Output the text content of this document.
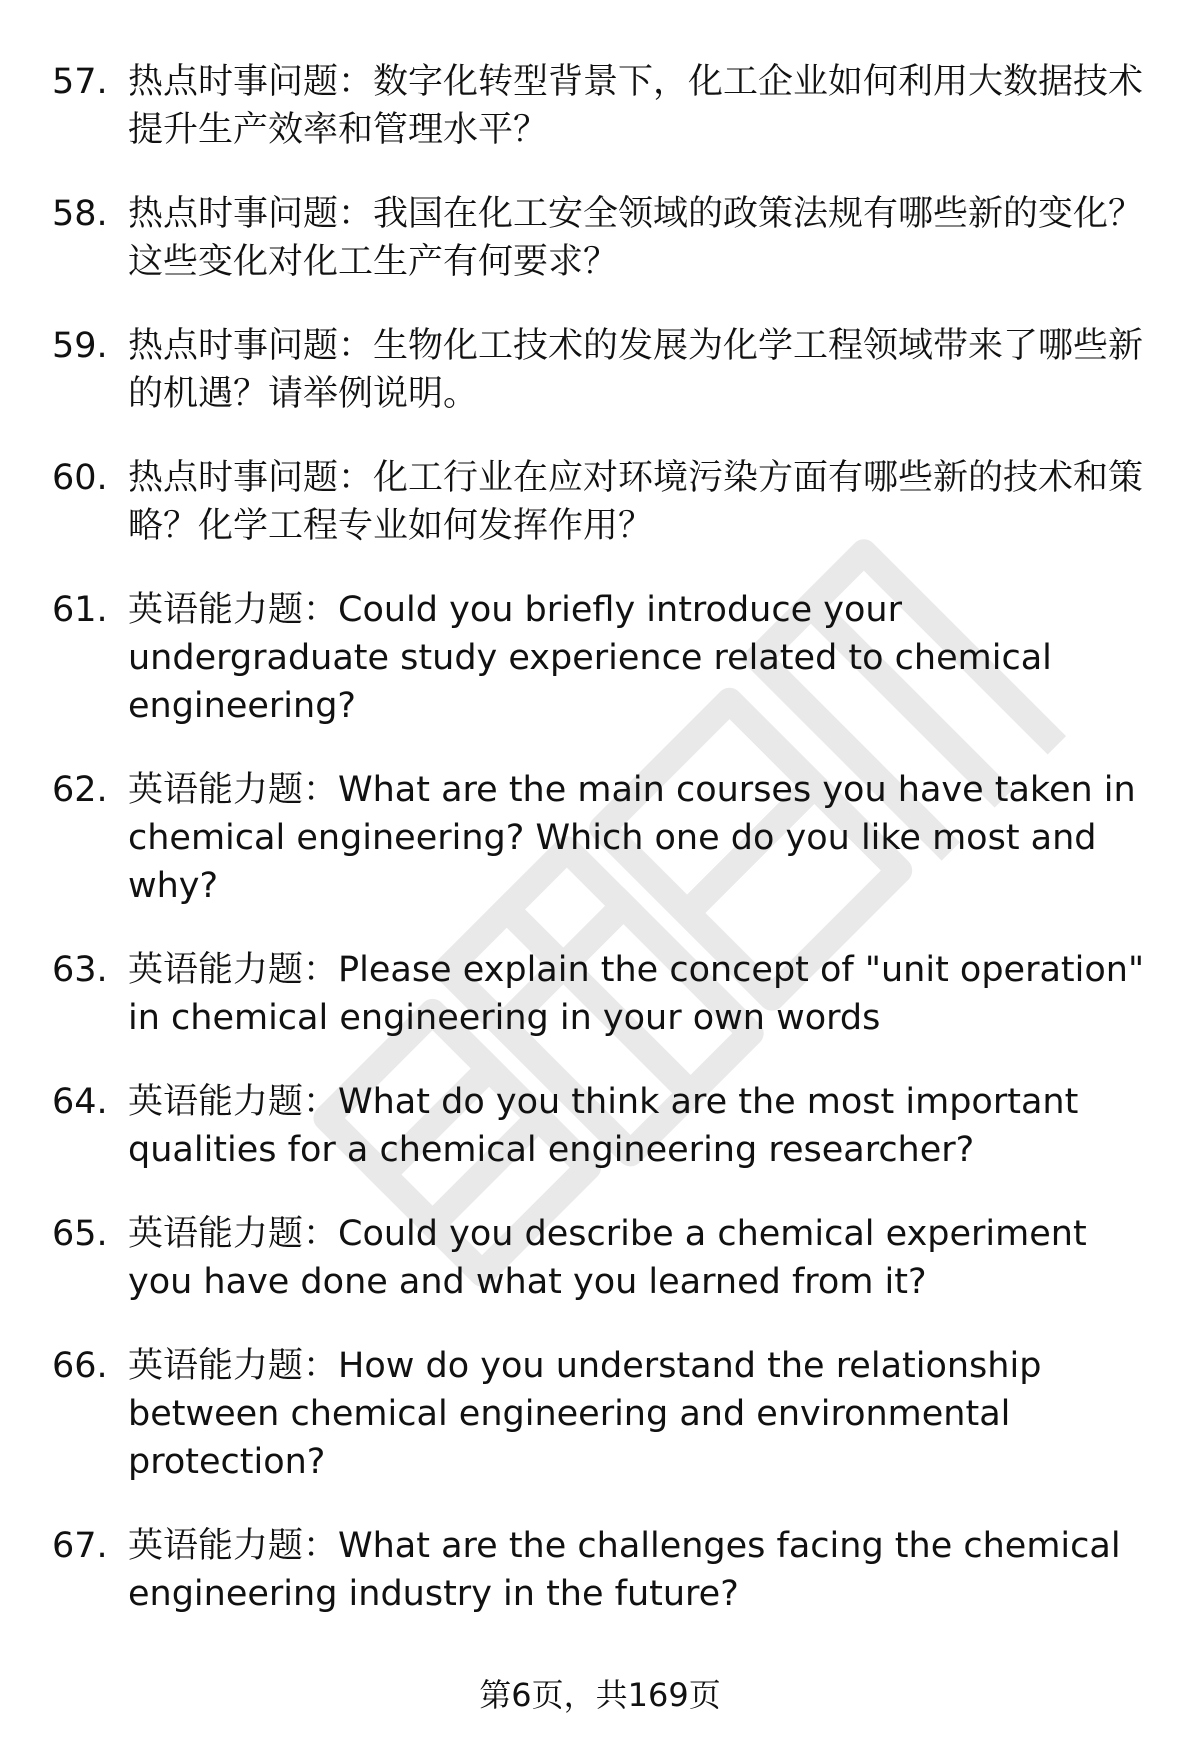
57. 热点时事问题：数字化转型背景下，化工企业如何利用大数据技术提升生产效率和管理水平？
58. 热点时事问题：我国在化工安全领域的政策法规有哪些新的变化？这些变化对化工生产有何要求？
59. 热点时事问题：生物化工技术的发展为化学工程领域带来了哪些新的机遇？请举例说明。
60. 热点时事问题：化工行业在应对环境污染方面有哪些新的技术和策略？化学工程专业如何发挥作用？
61. 英语能力题：Could you briefly introduce your undergraduate study experience related to chemical engineering?
62. 英语能力题：What are the main courses you have taken in chemical engineering? Which one do you like most and why?
63. 英语能力题：Please explain the concept of "unit operation" in chemical engineering in your own words
64. 英语能力题：What do you think are the most important qualities for a chemical engineering researcher?
65. 英语能力题：Could you describe a chemical experiment you have done and what you learned from it?
66. 英语能力题：How do you understand the relationship between chemical engineering and environmental protection?
67. 英语能力题：What are the challenges facing the chemical engineering industry in the future?
第6页，共169页
